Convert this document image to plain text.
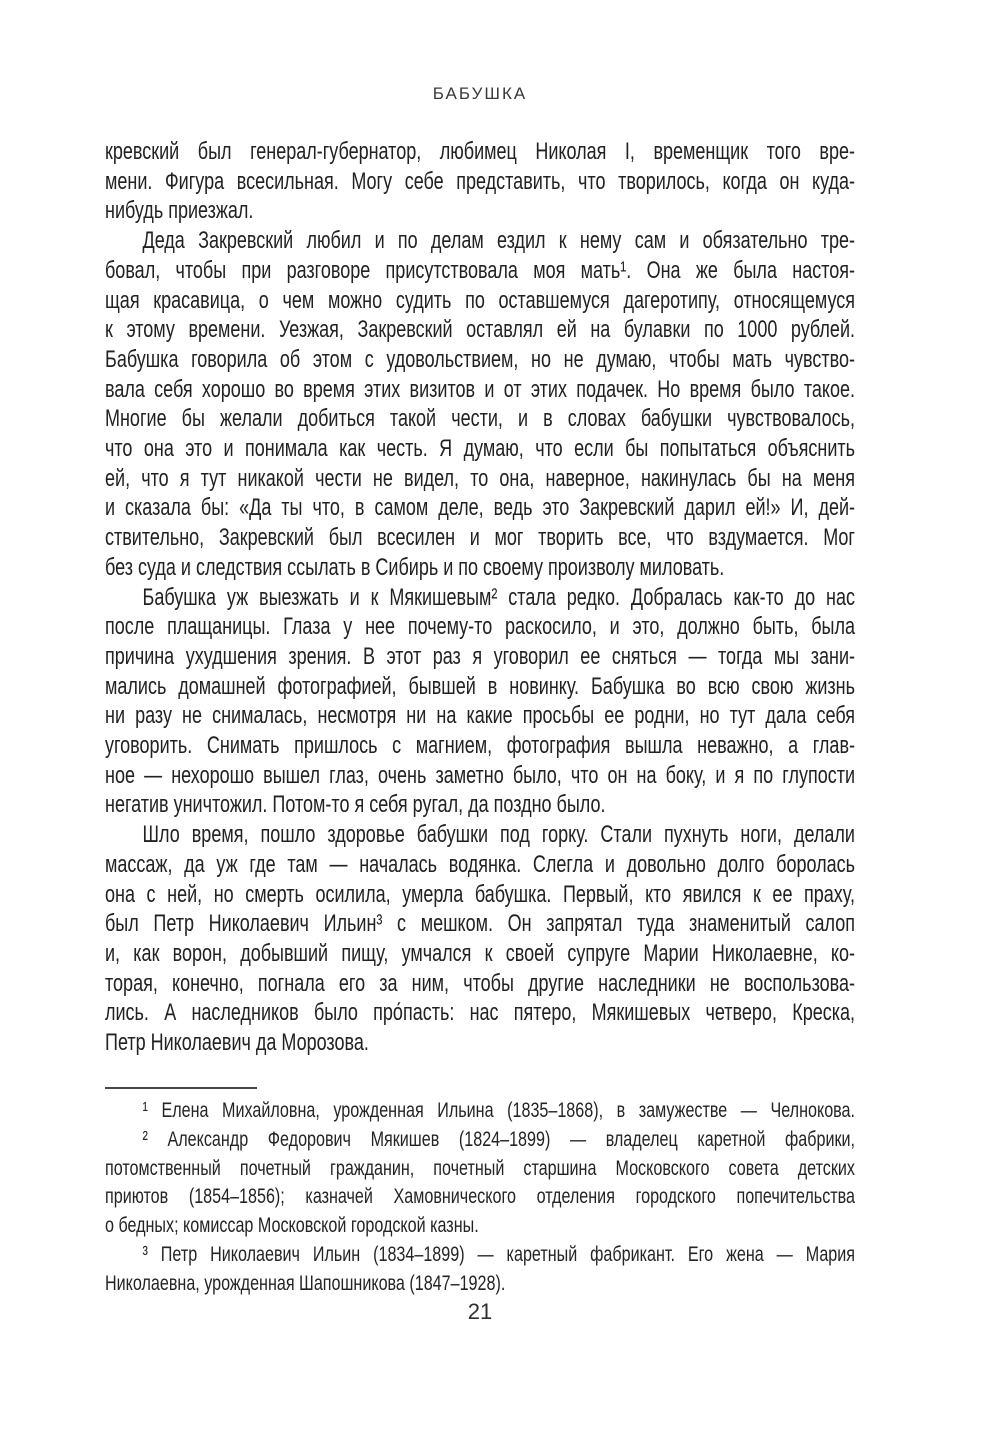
БАБУШКА
кревский был генерал-губернатор, любимец Николая I, временщик того вре-
мени. Фигура всесильная. Могу себе представить, что творилось, когда он куда-
нибудь приезжал.
Деда Закревский любил и по делам ездил к нему сам и обязательно тре-
бовал, чтобы при разговоре присутствовала моя мать¹. Она же была настоя-
щая красавица, о чем можно судить по оставшемуся дагеротипу, относящемуся
к этому времени. Уезжая, Закревский оставлял ей на булавки по 1000 рублей.
Бабушка говорила об этом с удовольствием, но не думаю, чтобы мать чувство-
вала себя хорошо во время этих визитов и от этих подачек. Но время было такое.
Многие бы желали добиться такой чести, и в словах бабушки чувствовалось,
что она это и понимала как честь. Я думаю, что если бы попытаться объяснить
ей, что я тут никакой чести не видел, то она, наверное, накинулась бы на меня
и сказала бы: «Да ты что, в самом деле, ведь это Закревский дарил ей!» И, дей-
ствительно, Закревский был всесилен и мог творить все, что вздумается. Мог
без суда и следствия ссылать в Сибирь и по своему произволу миловать.
Бабушка уж выезжать и к Мякишевым² стала редко. Добралась как-то до нас
после плащаницы. Глаза у нее почему-то раскосило, и это, должно быть, была
причина ухудшения зрения. В этот раз я уговорил ее сняться — тогда мы зани-
мались домашней фотографией, бывшей в новинку. Бабушка во всю свою жизнь
ни разу не снималась, несмотря ни на какие просьбы ее родни, но тут дала себя
уговорить. Снимать пришлось с магнием, фотография вышла неважно, а глав-
ное — нехорошо вышел глаз, очень заметно было, что он на боку, и я по глупости
негатив уничтожил. Потом-то я себя ругал, да поздно было.
Шло время, пошло здоровье бабушки под горку. Стали пухнуть ноги, делали
массаж, да уж где там — началась водянка. Слегла и довольно долго боролась
она с ней, но смерть осилила, умерла бабушка. Первый, кто явился к ее праху,
был Петр Николаевич Ильин³ с мешком. Он запрятал туда знаменитый салоп
и, как ворон, добывший пищу, умчался к своей супруге Марии Николаевне, ко-
торая, конечно, погнала его за ним, чтобы другие наследники не воспользова-
лись. А наследников было про́пасть: нас пятеро, Мякишевых четверо, Креска,
Петр Николаевич да Морозова.
¹ Елена Михайловна, урожденная Ильина (1835–1868), в замужестве — Челнокова.
² Александр Федорович Мякишев (1824–1899) — владелец каретной фабрики,
потомственный почетный гражданин, почетный старшина Московского совета детских
приютов (1854–1856); казначей Хамовнического отделения городского попечительства
о бедных; комиссар Московской городской казны.
³ Петр Николаевич Ильин (1834–1899) — каретный фабрикант. Его жена — Мария
Николаевна, урожденная Шапошникова (1847–1928).
21
